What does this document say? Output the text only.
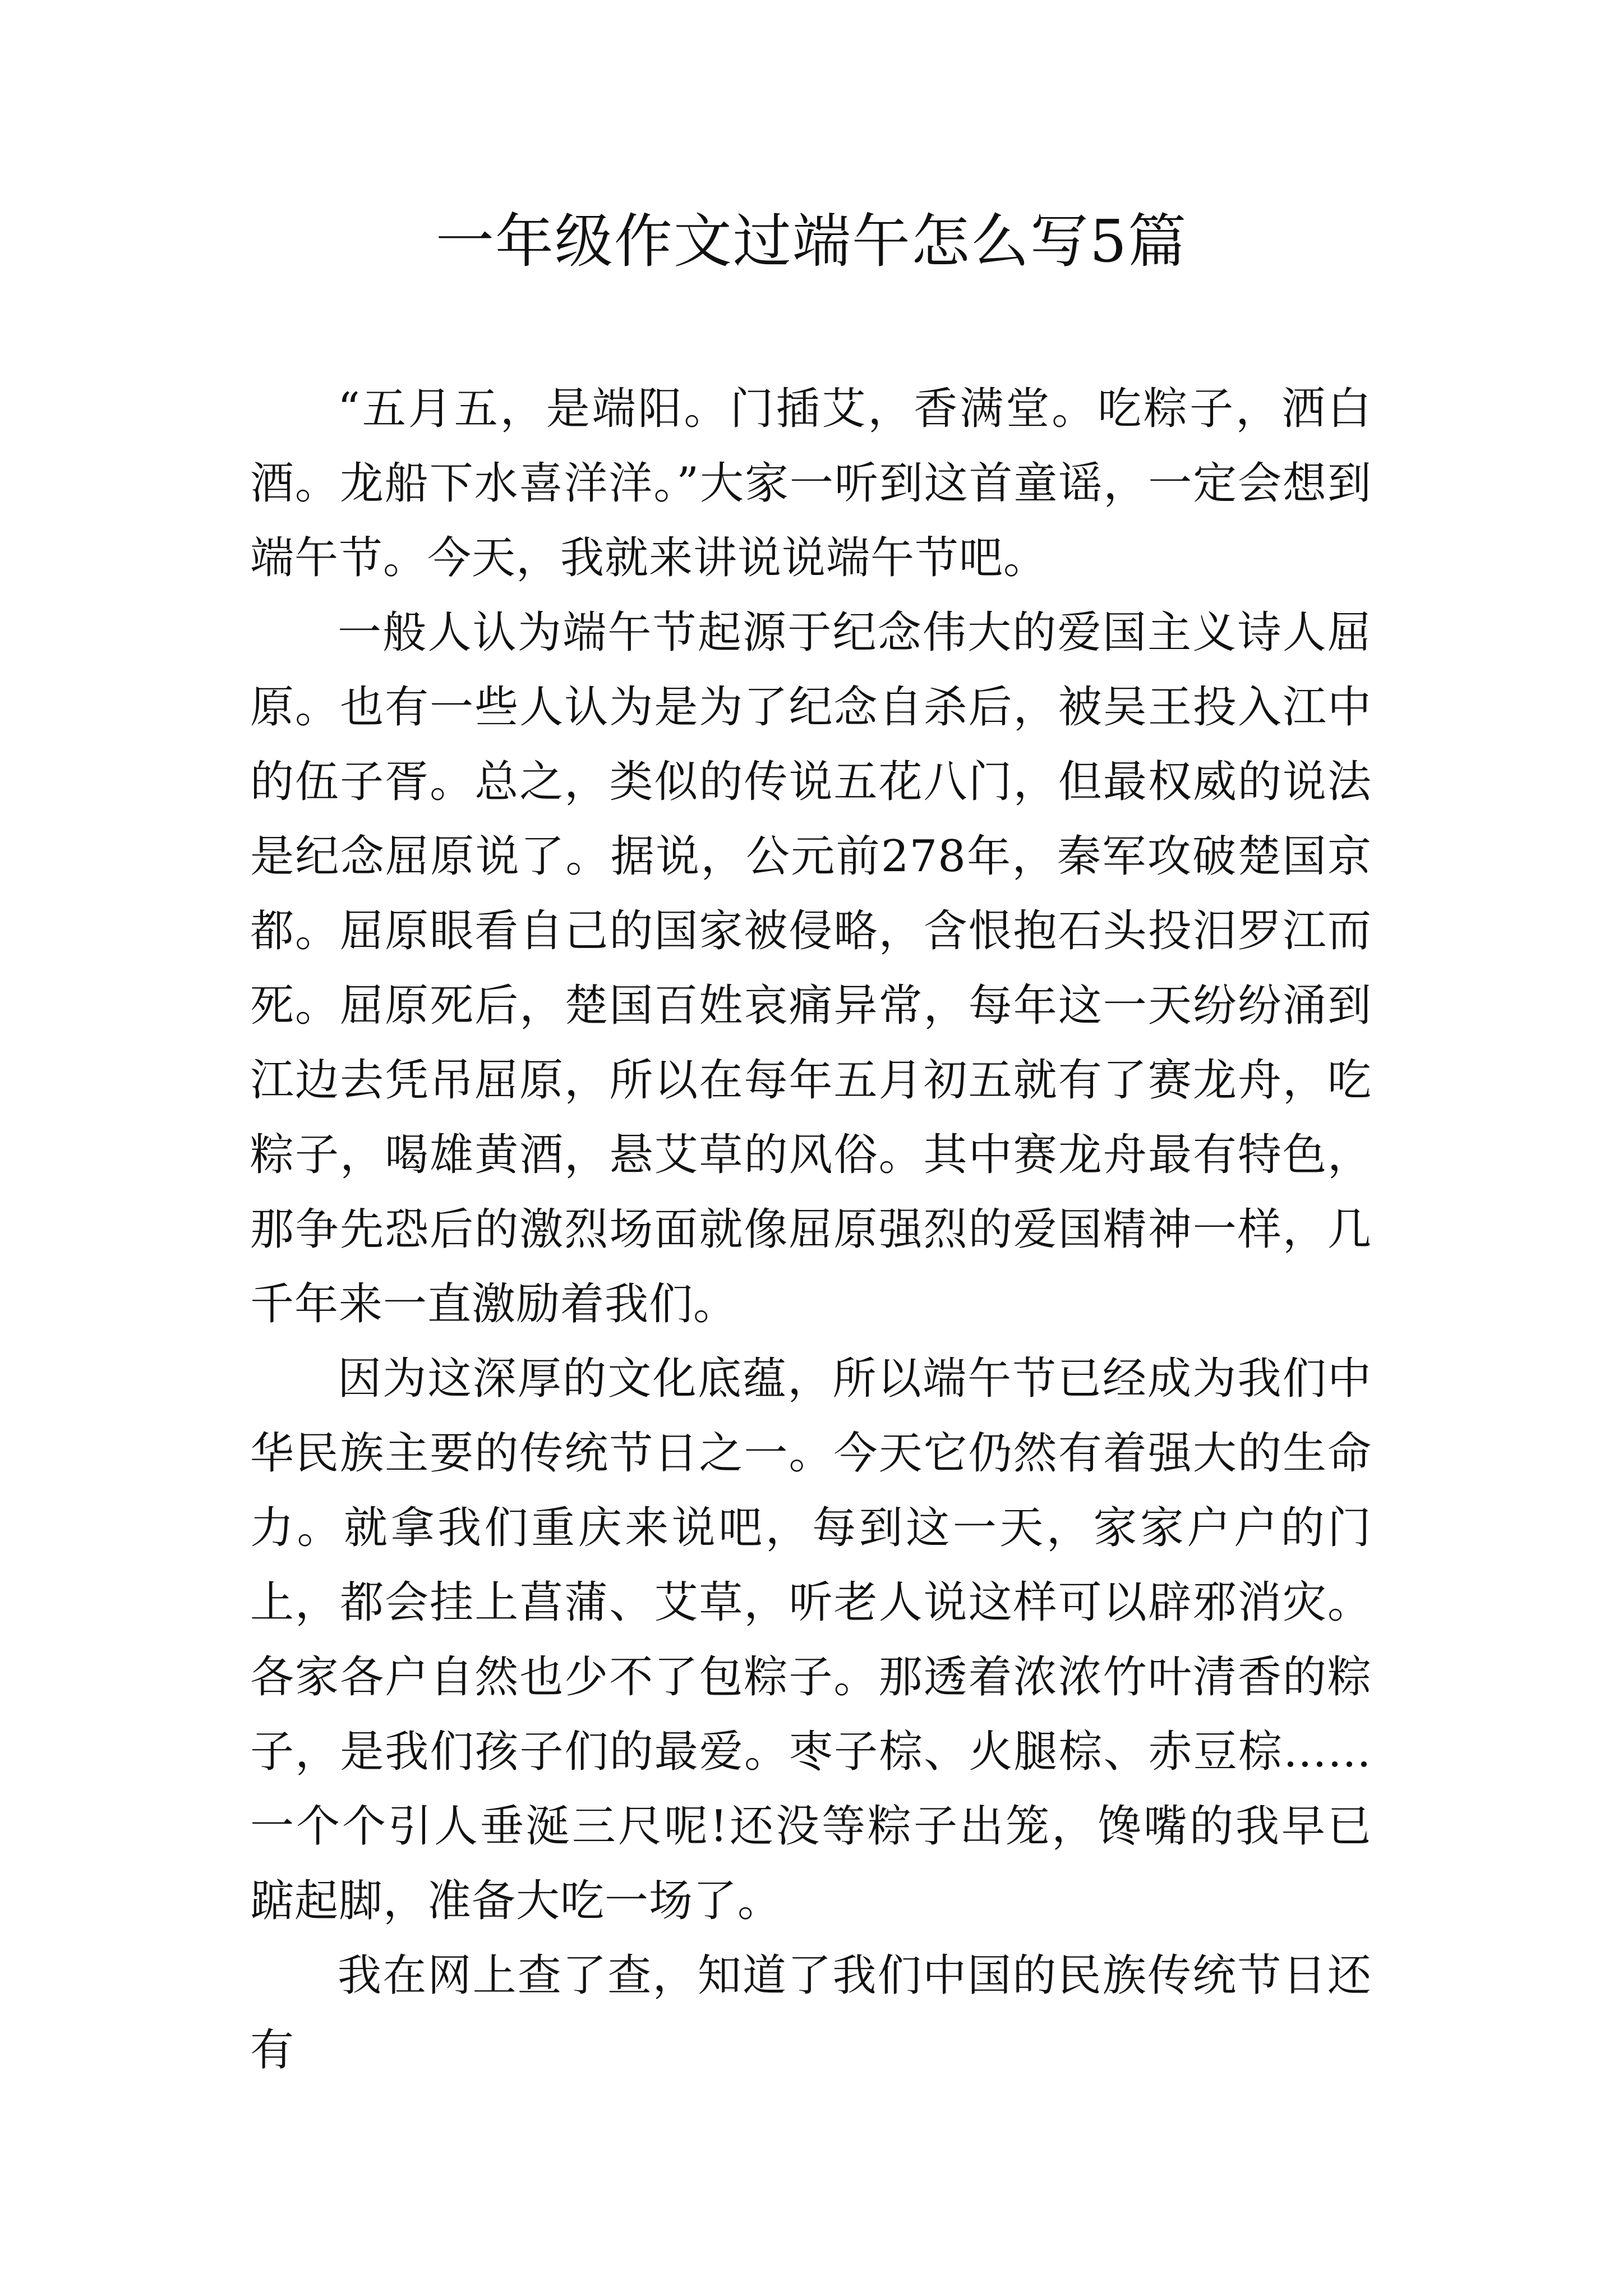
一年级作文过端午怎么写5篇

“五月五，是端阳。门插艾，香满堂。吃粽子，洒白酒。龙船下水喜洋洋。”大家一听到这首童谣，一定会想到端午节。今天，我就来讲说说端午节吧。

一般人认为端午节起源于纪念伟大的爱国主义诗人屈原。也有一些人认为是为了纪念自杀后，被吴王投入江中的伍子胥。总之，类似的传说五花八门，但最权威的说法是纪念屈原说了。据说，公元前278年，秦军攻破楚国京都。屈原眼看自己的国家被侵略，含恨抱石头投汨罗江而死。屈原死后，楚国百姓哀痛异常，每年这一天纷纷涌到江边去凭吊屈原，所以在每年五月初五就有了赛龙舟，吃粽子，喝雄黄酒，悬艾草的风俗。其中赛龙舟最有特色，那争先恐后的激烈场面就像屈原强烈的爱国精神一样，几千年来一直激励着我们。

因为这深厚的文化底蕴，所以端午节已经成为我们中华民族主要的传统节日之一。今天它仍然有着强大的生命力。就拿我们重庆来说吧，每到这一天，家家户户的门上，都会挂上菖蒲、艾草，听老人说这样可以辟邪消灾。各家各户自然也少不了包粽子。那透着浓浓竹叶清香的粽子，是我们孩子们的最爱。枣子棕、火腿棕、赤豆棕……一个个引人垂涎三尺呢!还没等粽子出笼，馋嘴的我早已踮起脚，准备大吃一场了。

我在网上查了查，知道了我们中国的民族传统节日还有
